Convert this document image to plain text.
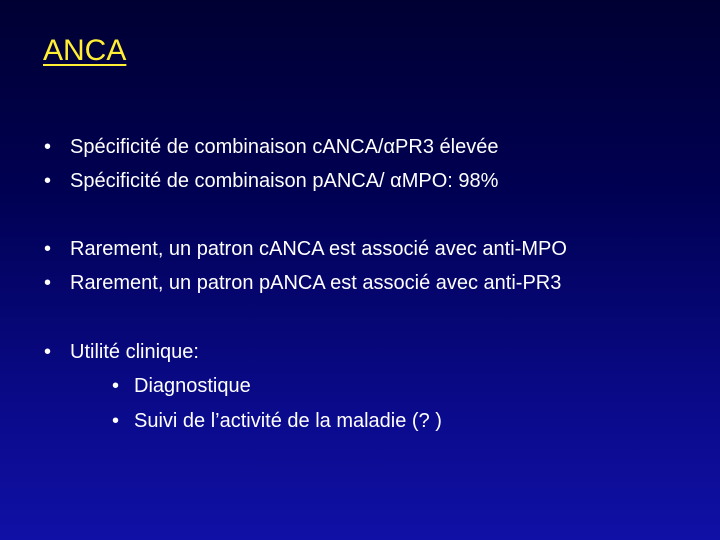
ANCA
• Spécificité de combinaison cANCA/αPR3 élevée
• Spécificité de combinaison pANCA/ αMPO: 98%
• Rarement, un patron cANCA est associé avec anti-MPO
• Rarement, un patron pANCA est associé avec anti-PR3
• Utilité clinique:
• Diagnostique
• Suivi de l’activité de la maladie (? )
